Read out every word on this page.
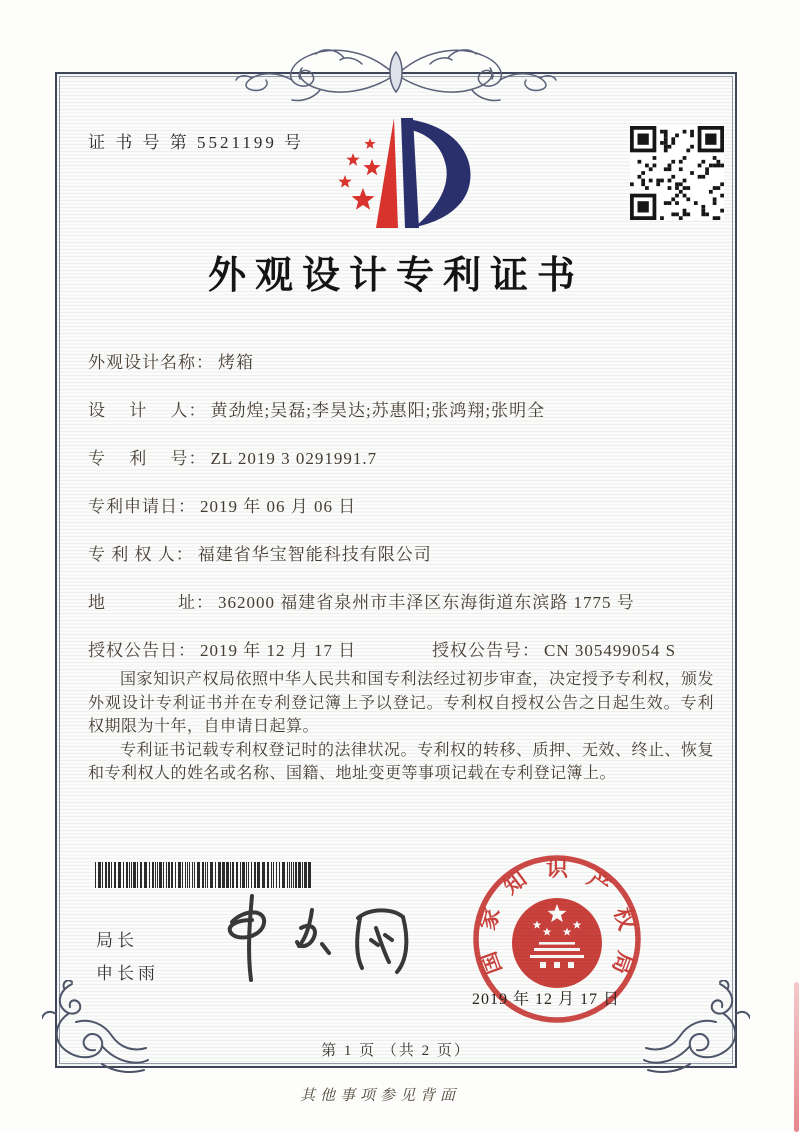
证 书 号 第 5521199 号
外观设计专利证书
外观设计名称： 烤箱
设　 计 　人： 黄劲煌;吴磊;李昊达;苏惠阳;张鸿翔;张明全
专　 利 　号： ZL 2019 3 0291991.7
专利申请日： 2019 年 06 月 06 日
专 利 权 人： 福建省华宝智能科技有限公司
地　　　　址： 362000 福建省泉州市丰泽区东海街道东滨路 1775 号
授权公告日： 2019 年 12 月 17 日	授权公告号： CN 305499054 S

国家知识产权局依照中华人民共和国专利法经过初步审查，决定授予专利权，颁发外观设计专利证书并在专利登记簿上予以登记。专利权自授权公告之日起生效。专利权期限为十年，自申请日起算。

专利证书记载专利权登记时的法律状况。专利权的转移、质押、无效、终止、恢复和专利权人的姓名或名称、国籍、地址变更等事项记载在专利登记簿上。

局长
申长雨	国
家
知 识 产
权
局
2019 年 12 月 17 日
第 1 页 （共 2 页）
其他事项参见背面
